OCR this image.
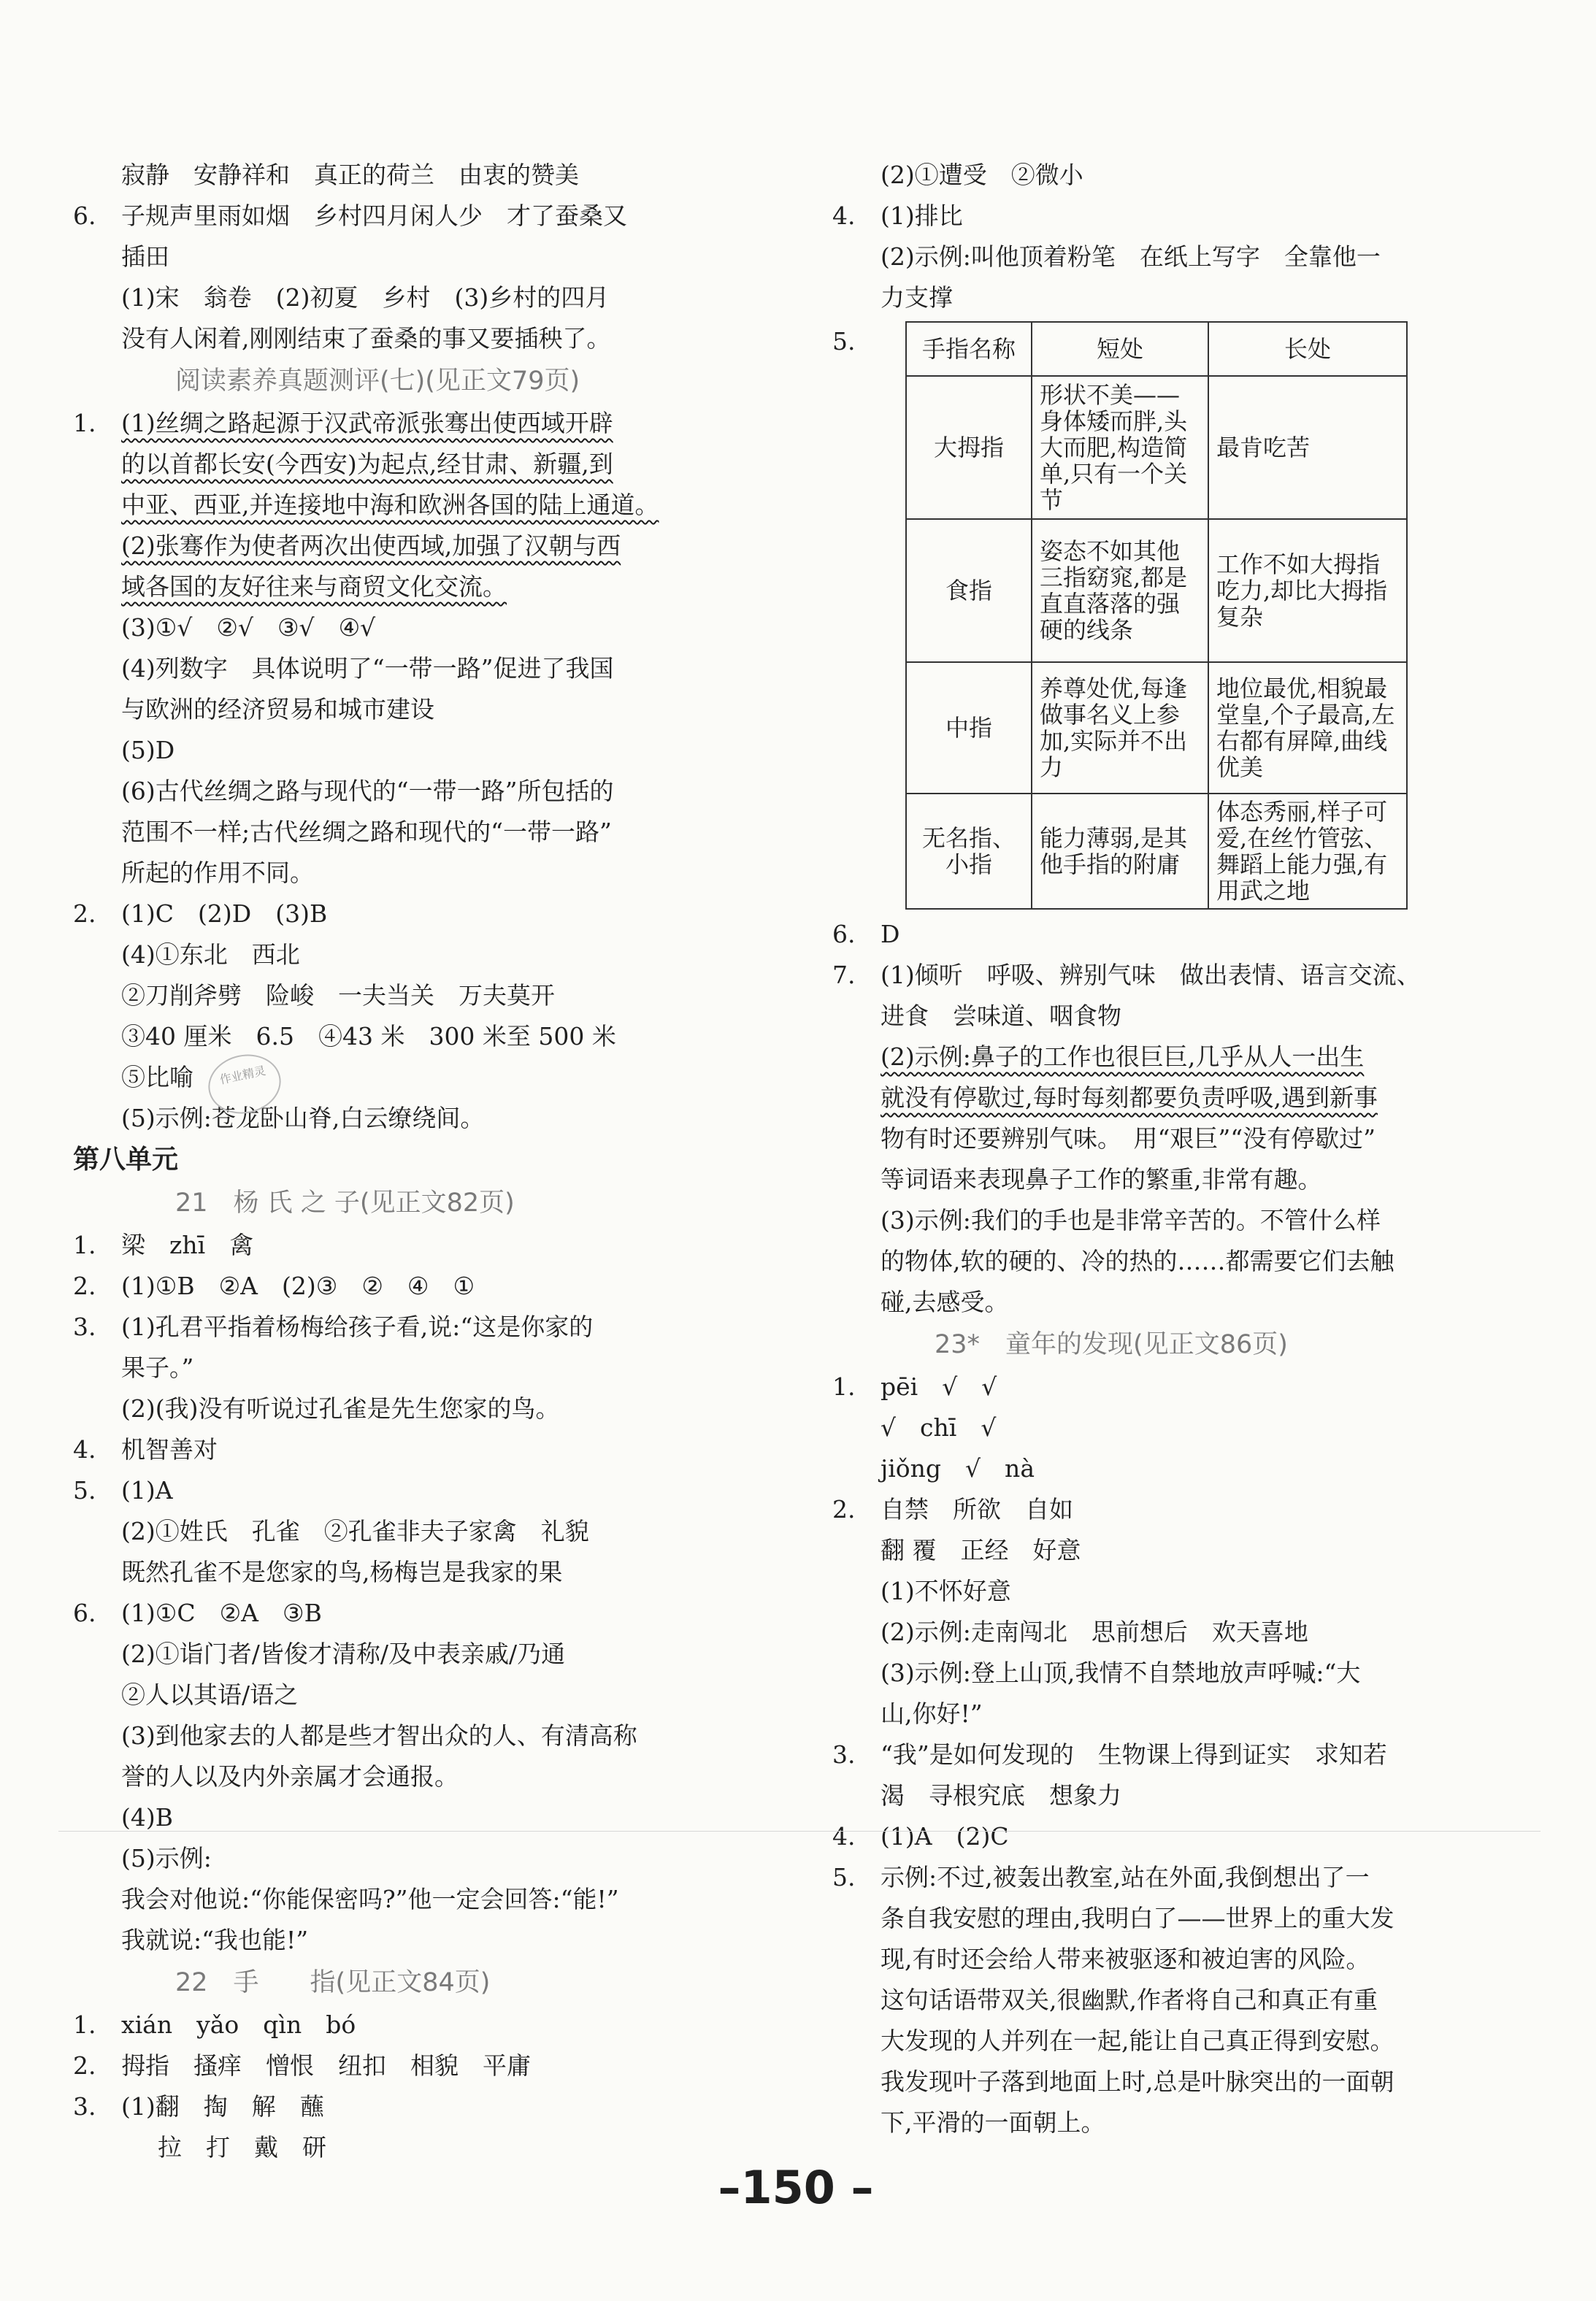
寂静　安静祥和　真正的荷兰　由衷的赞美
6. 子规声里雨如烟　乡村四月闲人少　才了蚕桑又
插田
(1)宋　翁卷　(2)初夏　乡村　(3)乡村的四月
没有人闲着,刚刚结束了蚕桑的事又要插秧了。
阅读素养真题测评(七)(见正文79页)
1. (1)丝绸之路起源于汉武帝派张骞出使西域开辟
的以首都长安(今西安)为起点,经甘肃、新疆,到
中亚、西亚,并连接地中海和欧洲各国的陆上通道。
(2)张骞作为使者两次出使西域,加强了汉朝与西
域各国的友好往来与商贸文化交流。
(3)①√　②√　③√　④√
(4)列数字　具体说明了“一带一路”促进了我国
与欧洲的经济贸易和城市建设
(5)D
(6)古代丝绸之路与现代的“一带一路”所包括的
范围不一样;古代丝绸之路和现代的“一带一路”
所起的作用不同。
2. (1)C　(2)D　(3)B
(4)①东北　西北
②刀削斧劈　险峻　一夫当关　万夫莫开
③40 厘米　6.5　④43 米　300 米至 500 米
⑤比喻
(5)示例:苍龙卧山脊,白云缭绕间。
第八单元
21　杨 氏 之 子(见正文82页)
1. 梁　zhī　禽
2. (1)①B　②A　(2)③　②　④　①
3. (1)孔君平指着杨梅给孩子看,说:“这是你家的
果子。”
(2)(我)没有听说过孔雀是先生您家的鸟。
4. 机智善对
5. (1)A
(2)①姓氏　孔雀　②孔雀非夫子家禽　礼貌
既然孔雀不是您家的鸟,杨梅岂是我家的果
6. (1)①C　②A　③B
(2)①诣门者/皆俊才清称/及中表亲戚/乃通
②人以其语/语之
(3)到他家去的人都是些才智出众的人、有清高称
誉的人以及内外亲属才会通报。
(4)B
(5)示例:
我会对他说:“你能保密吗?”他一定会回答:“能!”
我就说:“我也能!”
22　手　　指(见正文84页)
1. xián　yǎo　qìn　bó
2. 拇指　搔痒　憎恨　纽扣　相貌　平庸
3. (1)翻　掏　解　蘸
拉　打　戴　研
(2)①遭受　②微小
4. (1)排比
(2)示例:叫他顶着粉笔　在纸上写字　全靠他一
力支撑
5.	手指名称	短处	长处
大拇指	形状不美——身体矮而胖,头大而肥,构造简单,只有一个关节	最肯吃苦
食指	姿态不如其他三指窈窕,都是直直落落的强硬的线条	工作不如大拇指吃力,却比大拇指复杂
中指	养尊处优,每逢做事名义上参加,实际并不出力	地位最优,相貌最堂皇,个子最高,左右都有屏障,曲线优美
无名指、小指	能力薄弱,是其他手指的附庸	体态秀丽,样子可爱,在丝竹管弦、舞蹈上能力强,有用武之地
6. D
7. (1)倾听　呼吸、辨别气味　做出表情、语言交流、
进食　尝味道、咽食物
(2)示例:鼻子的工作也很巨巨,几乎从人一出生
就没有停歇过,每时每刻都要负责呼吸,遇到新事
物有时还要辨别气味。　用“艰巨”“没有停歇过”
等词语来表现鼻子工作的繁重,非常有趣。
(3)示例:我们的手也是非常辛苦的。不管什么样
的物体,软的硬的、冷的热的……都需要它们去触
碰,去感受。
23*　童年的发现(见正文86页)
1. pēi　√　√
√　chī　√
jiǒng　√　nà
2. 自禁　所欲　自如
翻 覆　正经　好意
(1)不怀好意
(2)示例:走南闯北　思前想后　欢天喜地
(3)示例:登上山顶,我情不自禁地放声呼喊:“大
山,你好!”
3. “我”是如何发现的　生物课上得到证实　求知若
渴　寻根究底　想象力
4. (1)A　(2)C
5. 示例:不过,被轰出教室,站在外面,我倒想出了一
条自我安慰的理由,我明白了——世界上的重大发
现,有时还会给人带来被驱逐和被迫害的风险。
这句话语带双关,很幽默,作者将自己和真正有重
大发现的人并列在一起,能让自己真正得到安慰。
我发现叶子落到地面上时,总是叶脉突出的一面朝
下,平滑的一面朝上。
作业精灵
–150 –
